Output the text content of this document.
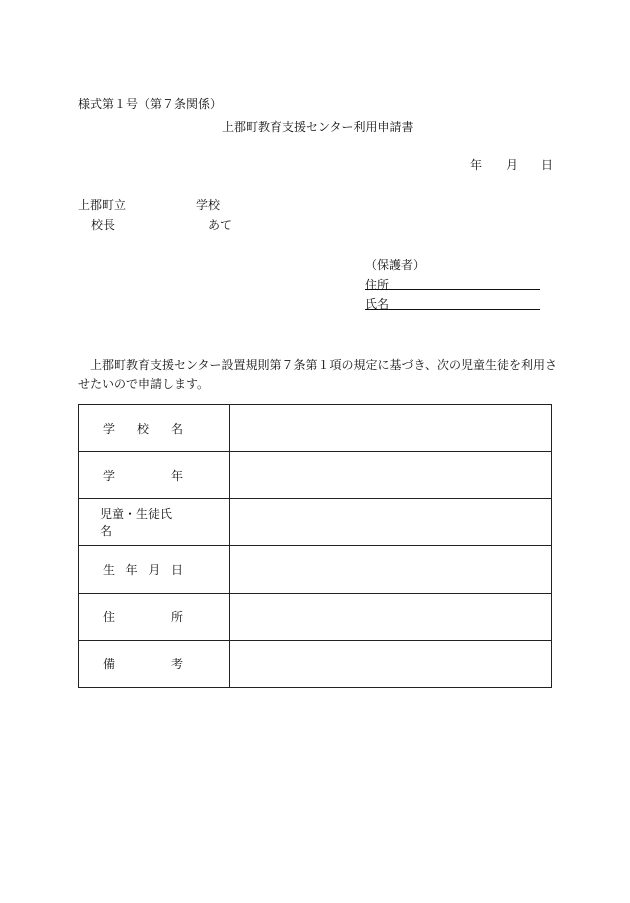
様式第１号（第７条関係）
上郡町教育支援センター利用申請書
年 月 日
上郡町立	学校
校長	あて
（保護者）
住所
氏名
上郡町教育支援センター設置規則第７条第１項の規定に基づき、次の児童生徒を利用さ
せたいので申請します。
学 校 名	

学 年	

児童・生徒氏名	

生 年 月 日	

住 所	

備 考	
